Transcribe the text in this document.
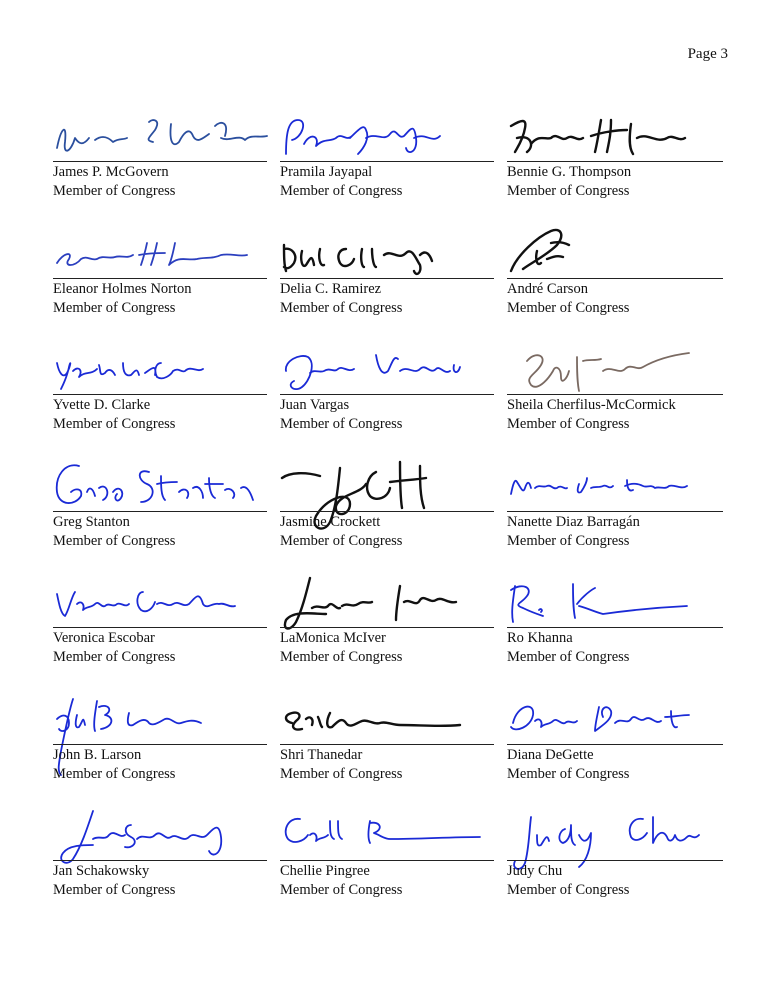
Page 3
James P. McGovern
Member of Congress
Pramila Jayapal
Member of Congress
Bennie G. Thompson
Member of Congress
Eleanor Holmes Norton
Member of Congress
Delia C. Ramirez
Member of Congress
André Carson
Member of Congress
Yvette D. Clarke
Member of Congress
Juan Vargas
Member of Congress
Sheila Cherfilus-McCormick
Member of Congress
Greg Stanton
Member of Congress
Jasmine Crockett
Member of Congress
Nanette Diaz Barragán
Member of Congress
Veronica Escobar
Member of Congress
LaMonica McIver
Member of Congress
Ro Khanna
Member of Congress
John B. Larson
Member of Congress
Shri Thanedar
Member of Congress
Diana DeGette
Member of Congress
Jan Schakowsky
Member of Congress
Chellie Pingree
Member of Congress
Judy Chu
Member of Congress
